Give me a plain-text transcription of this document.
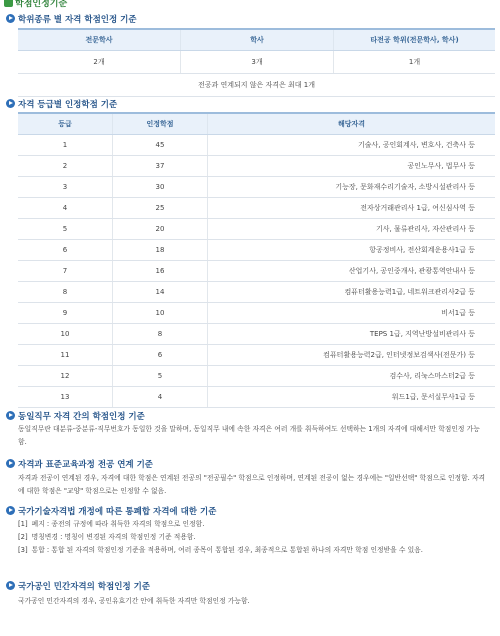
학점인정기준
학위종류 별 자격 학점인정 기준
전문학사	학사	타전공 학위(전문학사, 학사)
2개	3개	1개
전공과 연계되지 않은 자격은 최대 1개		
자격 등급별 인정학점 기준
등급	인정학점	해당자격
1	45	기술사, 공인회계사, 변호사, 건축사 등
2	37	공인노무사, 법무사 등
3	30	기능장, 문화재수리기술자, 소방시설관리사 등
4	25	전자상거래관리사 1급, 여신심사역 등
5	20	기사, 물류관리사, 자산관리사 등
6	18	항공정비사, 전산회계운용사1급 등
7	16	산업기사, 공인중개사, 관광통역안내사 등
8	14	컴퓨터활용능력1급, 네트워크관리사2급 등
9	10	비서1급 등
10	8	TEPS 1급, 지역난방설비관리사 등
11	6	컴퓨터활용능력2급, 인터넷정보검색사(전문가) 등
12	5	검수사, 리눅스마스터2급 등
13	4	워드1급, 문서실무사1급 등
동일직무 자격 간의 학점인정 기준
동일직무란 대분류-중분류-직무번호가 동일한 것을 말하며, 동일직무 내에 속한 자격은 여러 개를 취득하여도 선택하는 1개의 자격에 대해서만 학점인정 가능함.
자격과 표준교육과정 전공 연계 기준
자격과 전공이 연계된 경우, 자격에 대한 학점은 연계된 전공의 "전공필수" 학점으로 인정하며, 연계된 전공이 없는 경우에는 "일반선택" 학점으로 인정함. 자격에 대한 학점은 "교양" 학점으로는 인정할 수 없음.
국가기술자격법 개정에 따른 통폐합 자격에 대한 기준
[1] 폐지 : 종전의 규정에 따라 취득한 자격의 학점으로 인정함.
[2] 명칭변경 : 명칭이 변경된 자격의 학점인정 기준 적용함.
[3] 통합 : 통합 된 자격의 학점인정 기준을 적용하며, 여러 종목이 통합된 경우, 최종적으로 통합된 하나의 자격만 학점 인정받을 수 있음.
국가공인 민간자격의 학점인정 기준
국가공인 민간자격의 경우, 공인유효기간 안에 취득한 자격만 학점인정 가능함.
